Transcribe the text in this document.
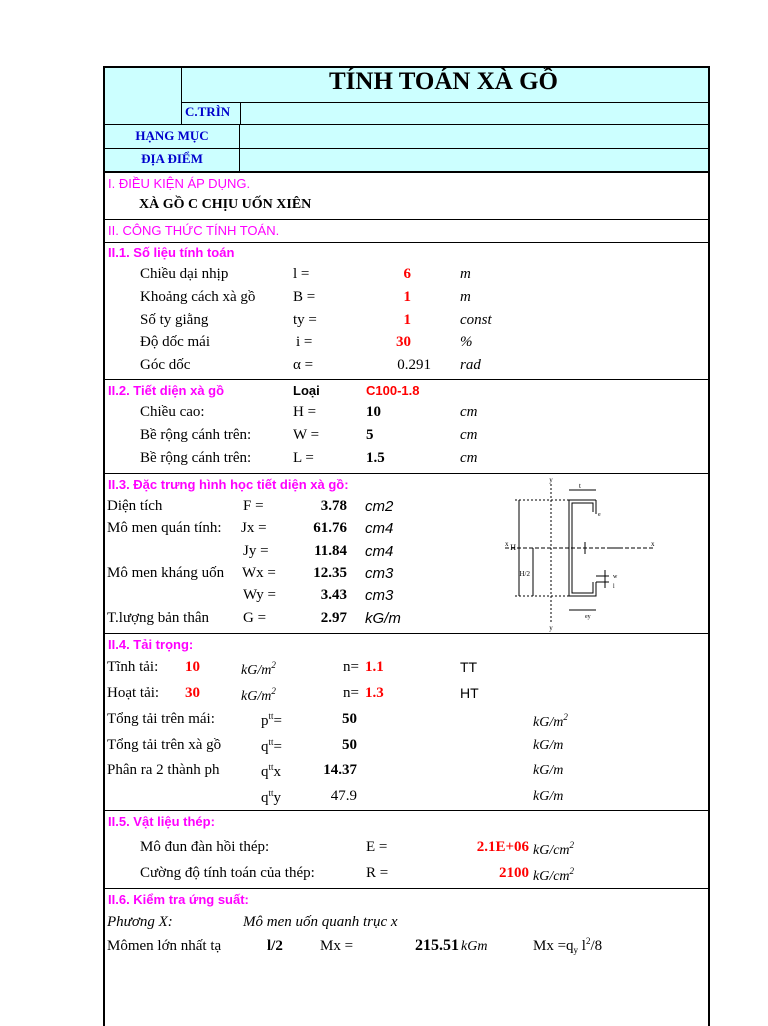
TÍNH TOÁN XÀ GỒ
C.TRÌN
HẠNG MỤC
ĐỊA ĐIỂM
I. ĐIỀU KIỆN ÁP DỤNG.
XÀ GỒ C CHỊU UỐN XIÊN
II. CÔNG THỨC TÍNH TOÁN.
II.1. Số liệu tính toán
Chiều dại nhịp	l =	6	m
Khoảng cách xà gồ	B =	1	m
Số ty giằng	ty =	1	const
Độ dốc mái	i =	30	%
Góc dốc	α =	0.291 rad
II.2. Tiết diện xà gồ	Loại	C100-1.8
Chiều cao:	H =	10	cm
Bề rộng cánh trên:	W =	5	cm
Bề rộng cánh trên:	L =	1.5	cm
II.3. Đặc trưng hình học tiết diện xà gồ:
Diện tích	F =	3.78 cm2
Mô men quán tính: Jx =	61.76 cm4
Jy =	11.84 cm4
Mô men kháng uốn	Wx =	12.35 cm3
Wy =	3.43 cm3
T.lượng bản thân G =	2.97 kG/m
y
y
x	x
H
H/2
t
e
ey
w
l
II.4. Tải trọng:
Tĩnh tải: 10	$kG/m^2$	n= 1.1	TT
Hoạt tải: 30	$kG/m^2$	n= 1.3	HT
Tổng tải trên mái:	$p^{tt}=$	50	$kG/m^2$
Tổng tải trên xà gồ	$q^{tt}=$	50	kG/m
Phân ra 2 thành ph	$q^{tt}x$	14.37	kG/m
$q^{tt}y$	47.9	kG/m
II.5. Vật liệu thép:
Mô đun đàn hồi thép:	E =	2.1E+06 $kG/cm^2$
Cường độ tính toán của thép:	R =	2100 $kG/cm^2$
II.6. Kiểm tra ứng suất:
Phương X:	Mô men uốn quanh trục x
Mômen lớn nhất tạ	l/2 Mx =	215.51 kGm	$Mx =q_y$ $l^2/8$
